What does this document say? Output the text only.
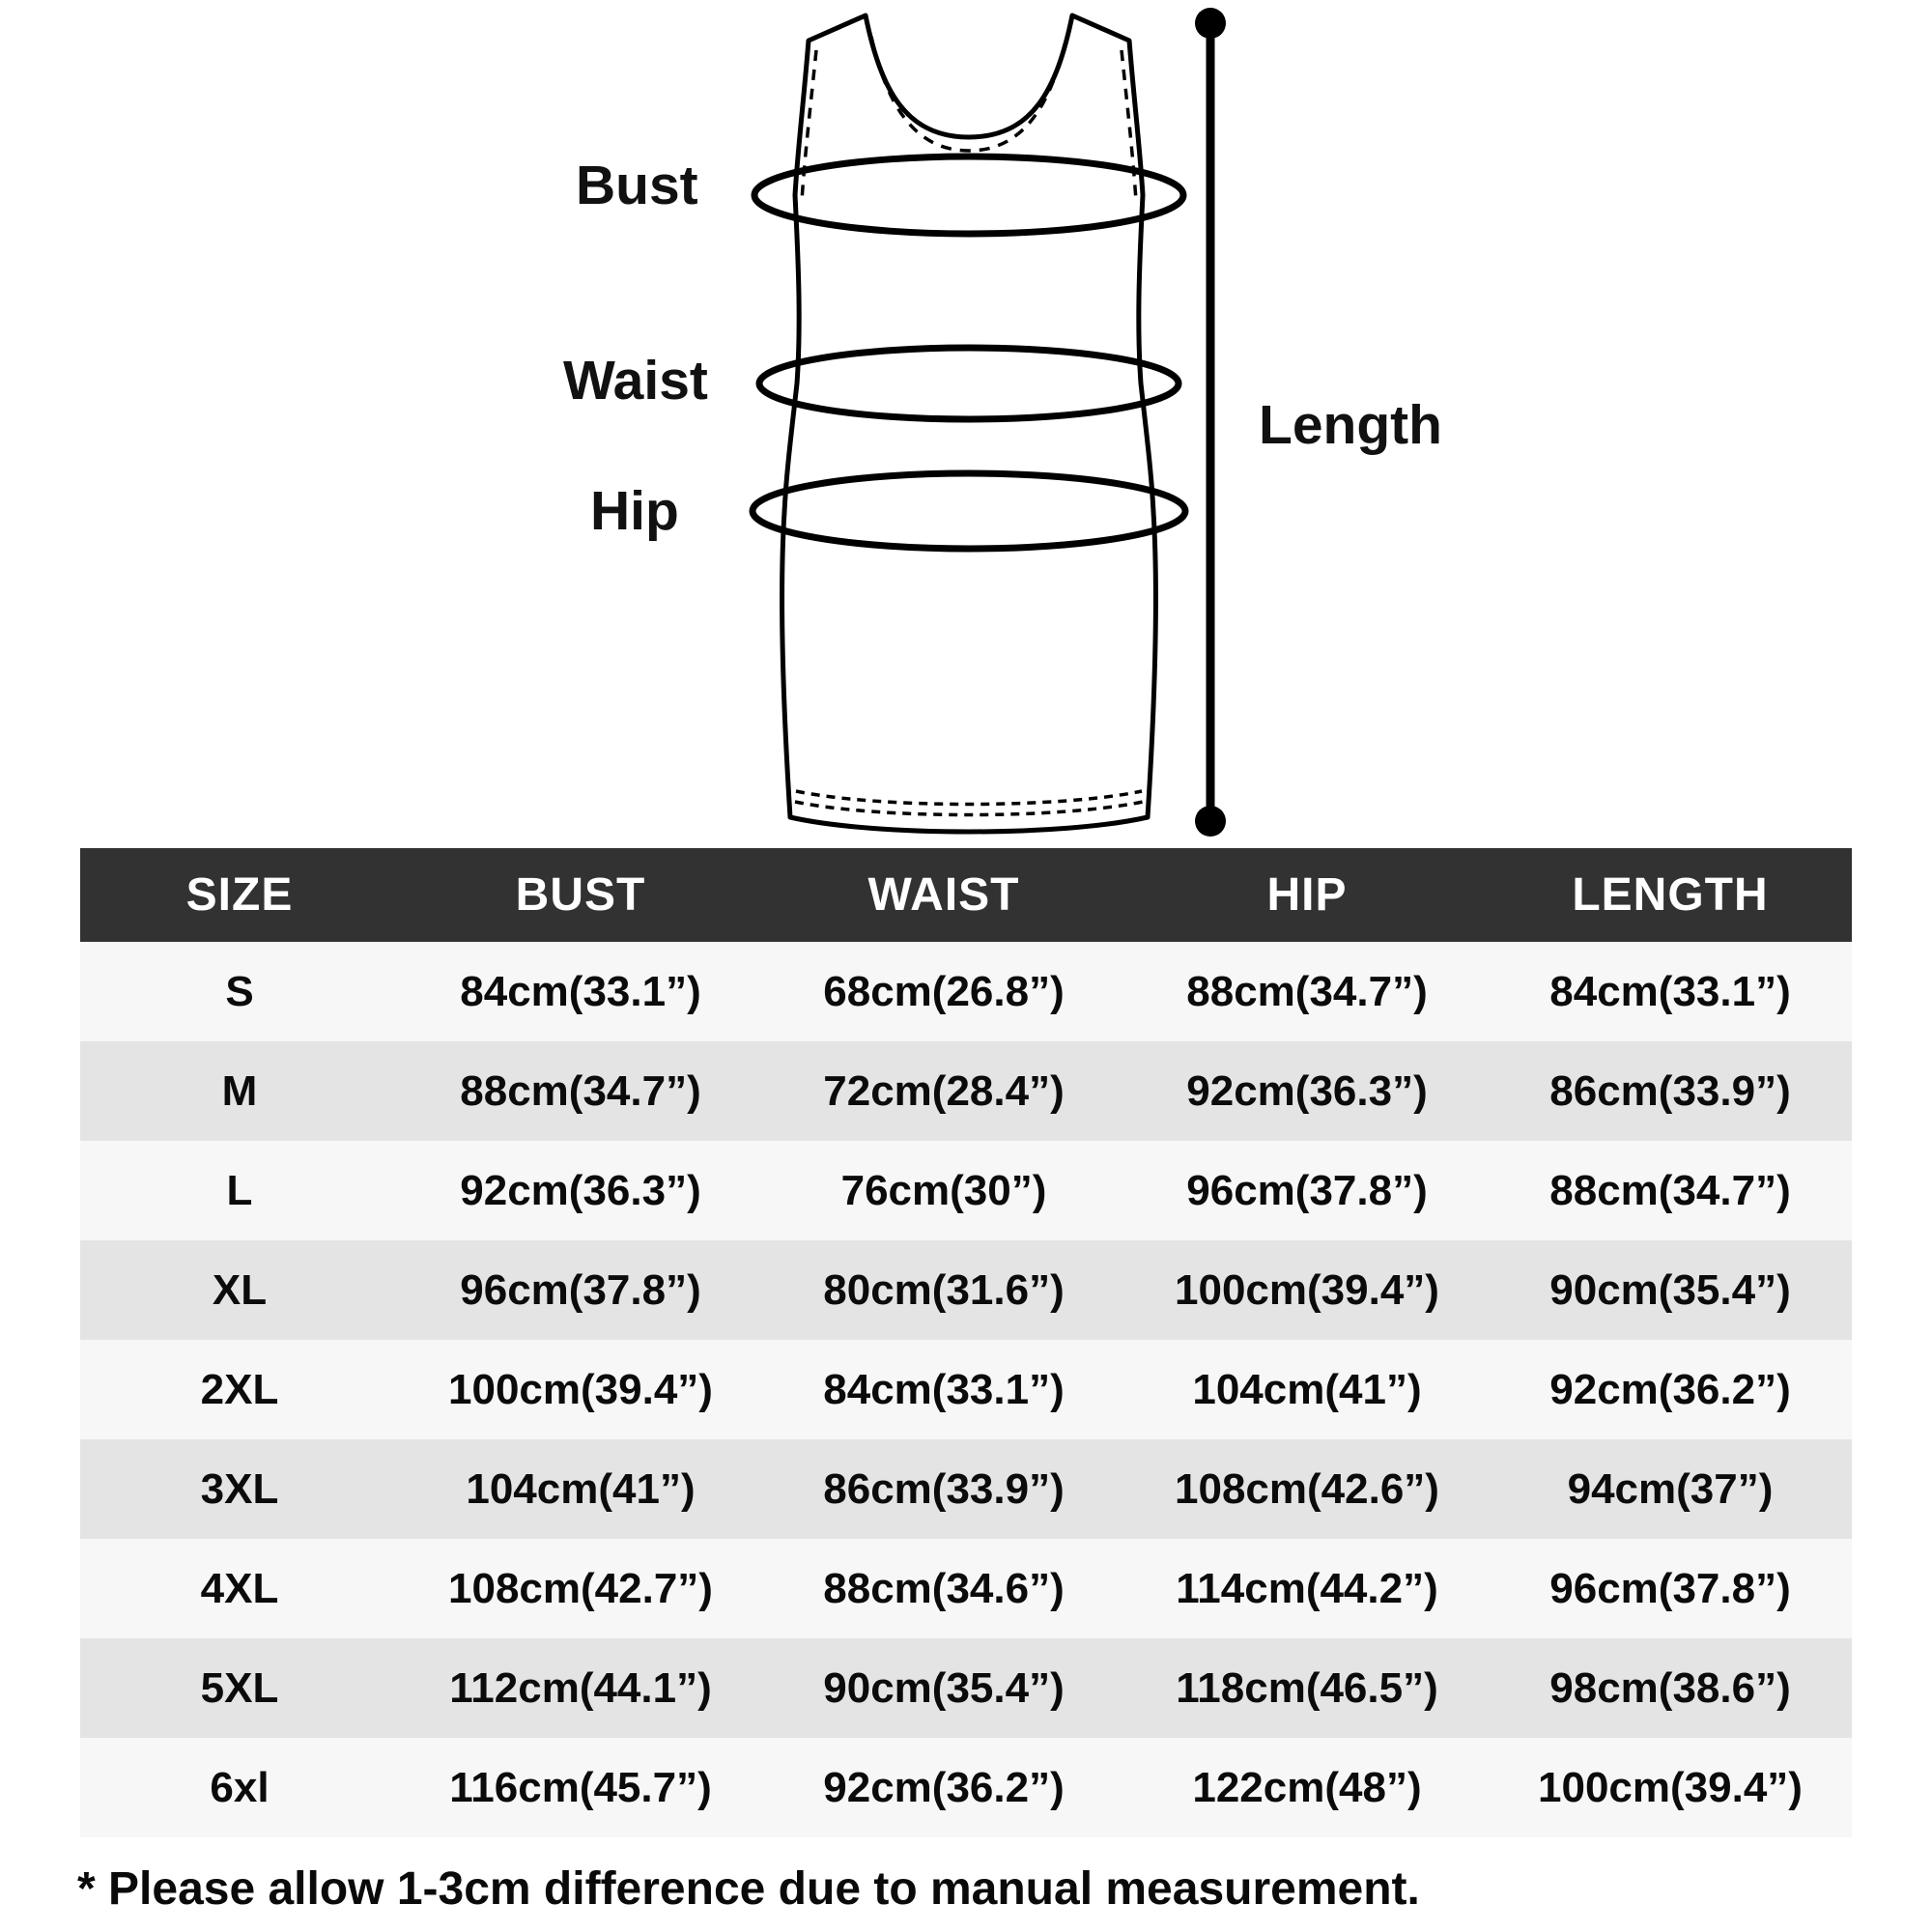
Bust
Waist
Hip
Length
SIZE	BUST	WAIST	HIP	LENGTH
S	84cm(33.1”)	68cm(26.8”)	88cm(34.7”)	84cm(33.1”)
M	88cm(34.7”)	72cm(28.4”)	92cm(36.3”)	86cm(33.9”)
L	92cm(36.3”)	76cm(30”)	96cm(37.8”)	88cm(34.7”)
XL	96cm(37.8”)	80cm(31.6”)	100cm(39.4”)	90cm(35.4”)
2XL	100cm(39.4”)	84cm(33.1”)	104cm(41”)	92cm(36.2”)
3XL	104cm(41”)	86cm(33.9”)	108cm(42.6”)	94cm(37”)
4XL	108cm(42.7”)	88cm(34.6”)	114cm(44.2”)	96cm(37.8”)
5XL	112cm(44.1”)	90cm(35.4”)	118cm(46.5”)	98cm(38.6”)
6xl	116cm(45.7”)	92cm(36.2”)	122cm(48”)	100cm(39.4”)
* Please allow 1-3cm difference due to manual measurement.
